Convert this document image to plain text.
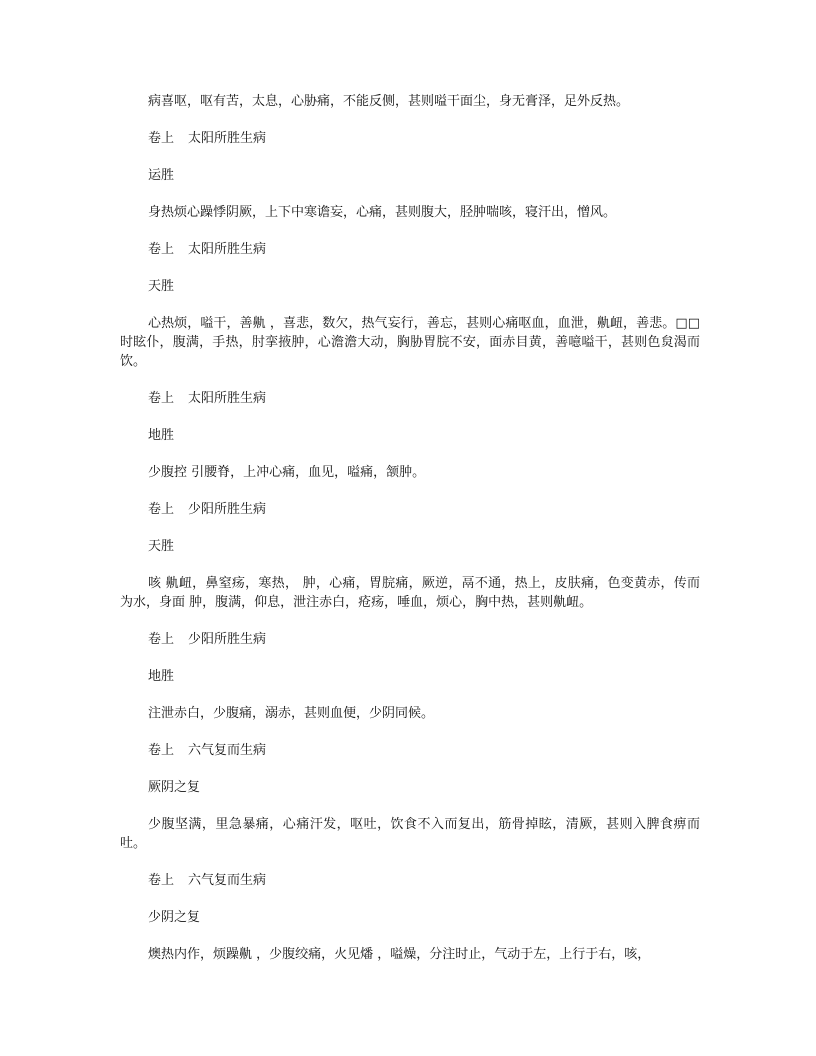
病喜呕，呕有苦，太息，心胁痛，不能反侧，甚则嗌干面尘，身无膏泽，足外反热。

卷上 太阳所胜生病

运胜

身热烦心躁悸阴厥，上下中寒谵妄，心痛，甚则腹大，胫肿喘咳，寝汗出，憎风。

卷上 太阳所胜生病

天胜

心热烦，嗌干，善鼽 ，喜悲，数欠，热气妄行，善忘，甚则心痛呕血，血泄，鼽衄，善悲。□□时眩仆，腹满，手热，肘挛掖肿，心澹澹大动，胸胁胃脘不安，面赤目黄，善噫嗌干，甚则色炱渴而饮。

卷上 太阳所胜生病

地胜

少腹控 引腰脊，上冲心痛，血见，嗌痛，颔肿。

卷上 少阳所胜生病

天胜

咳 鼽衄，鼻窒疡，寒热， 肿，心痛，胃脘痛，厥逆，鬲不通，热上，皮肤痛，色变黄赤，传而为水，身面 肿，腹满，仰息，泄注赤白，疮疡，唾血，烦心，胸中热，甚则鼽衄。

卷上 少阳所胜生病

地胜

注泄赤白，少腹痛，溺赤，甚则血便，少阴同候。

卷上 六气复而生病

厥阴之复

少腹坚满，里急暴痛，心痛汗发，呕吐，饮食不入而复出，筋骨掉眩，清厥，甚则入脾食痹而吐。

卷上 六气复而生病

少阴之复

燠热内作，烦躁鼽 ，少腹绞痛，火见燔 ，嗌燥，分注时止，气动于左，上行于右，咳，
